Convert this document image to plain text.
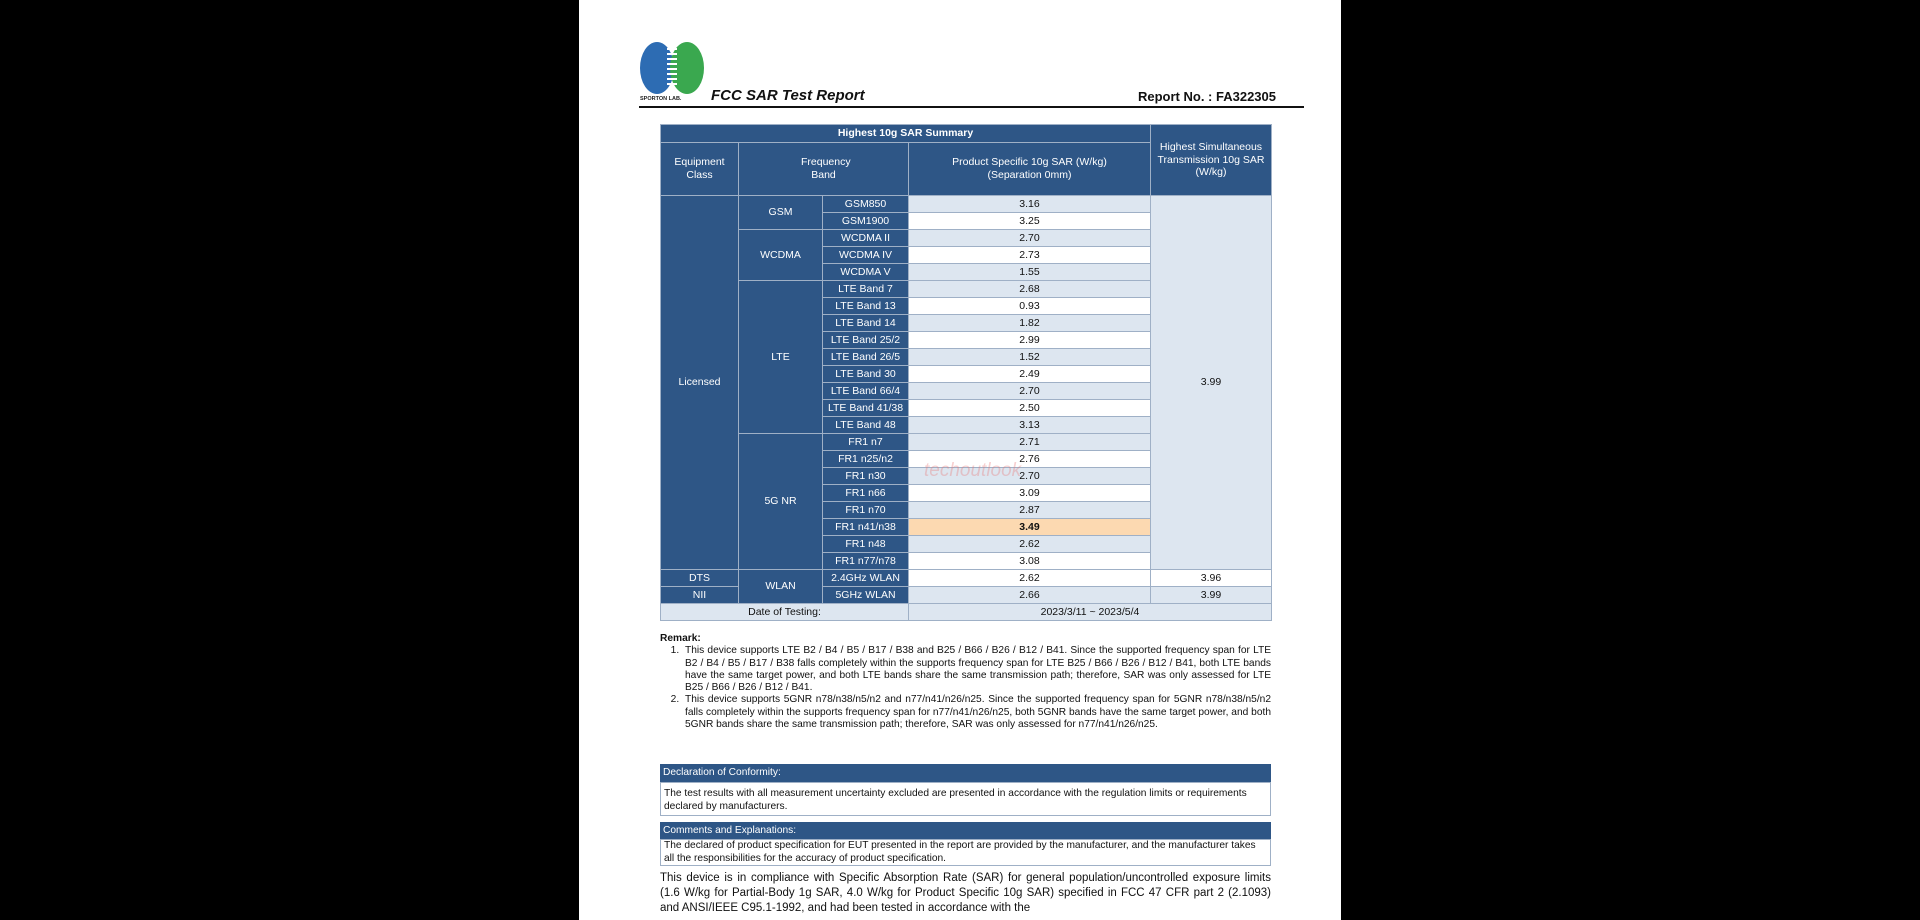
SPORTON LAB. FCC SAR Test Report	Report No. : FA322305
Highest 10g SAR Summary				Highest Simultaneous Transmission 10g SAR (W/kg)
Equipment Class	Frequency Band		Product Specific 10g SAR (W/kg) (Separation 0mm)	
Licensed	GSM	GSM850	3.16	3.99
		GSM1900	3.25	
	WCDMA	WCDMA II	2.70	
		WCDMA IV	2.73	
		WCDMA V	1.55	
	LTE	LTE Band 7	2.68	
		LTE Band 13	0.93	
		LTE Band 14	1.82	
		LTE Band 25/2	2.99	
		LTE Band 26/5	1.52	
		LTE Band 30	2.49	
		LTE Band 66/4	2.70	
		LTE Band 41/38	2.50	
		LTE Band 48	3.13	
	5G NR	FR1 n7	2.71	
		FR1 n25/n2	2.76	
		FR1 n30	2.70	
		FR1 n66	3.09	
		FR1 n70	2.87	
		FR1 n41/n38	3.49	
		FR1 n48	2.62	
		FR1 n77/n78	3.08	
DTS	WLAN	2.4GHz WLAN	2.62	3.96
NII		5GHz WLAN	2.66	3.99
Date of Testing:			2023/3/11 ~ 2023/5/4	
techoutlook
Remark:
1. This device supports LTE B2 / B4 / B5 / B17 / B38 and B25 / B66 / B26 / B12 / B41. Since the supported frequency span for LTE B2 / B4 / B5 / B17 / B38 falls completely within the supports frequency span for LTE B25 / B66 / B26 / B12 / B41, both LTE bands have the same target power, and both LTE bands share the same transmission path; therefore, SAR was only assessed for LTE B25 / B66 / B26 / B12 / B41.
2. This device supports 5GNR n78/n38/n5/n2 and n77/n41/n26/n25. Since the supported frequency span for 5GNR n78/n38/n5/n2 falls completely within the supports frequency span for n77/n41/n26/n25, both 5GNR bands have the same target power, and both 5GNR bands share the same transmission path; therefore, SAR was only assessed for n77/n41/n26/n25.
Declaration of Conformity:
The test results with all measurement uncertainty excluded are presented in accordance with the regulation limits or requirements declared by manufacturers.
Comments and Explanations:
The declared of product specification for EUT presented in the report are provided by the manufacturer, and the manufacturer takes all the responsibilities for the accuracy of product specification.
This device is in compliance with Specific Absorption Rate (SAR) for general population/uncontrolled exposure limits (1.6 W/kg for Partial-Body 1g SAR, 4.0 W/kg for Product Specific 10g SAR) specified in FCC 47 CFR part 2 (2.1093) and ANSI/IEEE C95.1-1992, and had been tested in accordance with the
